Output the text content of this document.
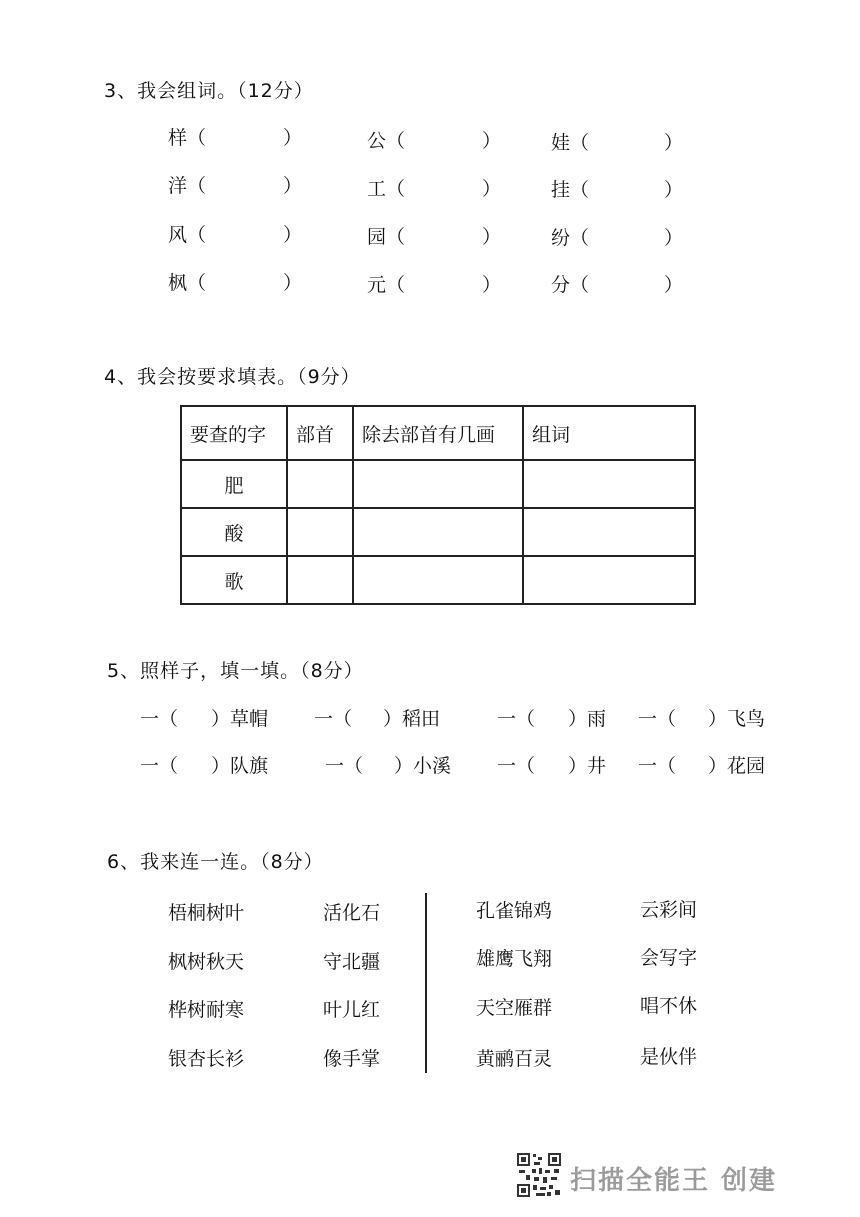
3、我会组词。（12分）
样（	）	公（	）	娃（	）
洋（	）	工（	）	挂（	）
风（	）	园（	）	纷（	）
枫（	）	元（	）	分（	）
4、我会按要求填表。（9分）
要查的字	部首	除去部首有几画	组词
肥			
酸			
歌			
5、照样子，填一填。（8分）
一（ ）草帽 一（ ）稻田	一（ ）雨 一（ ）飞鸟
一（ ）队旗	一（ ）小溪 一（ ）井 一（ ）花园
6、我来连一连。（8分）
梧桐树叶
枫树秋天
桦树耐寒
银杏长衫
活化石
守北疆
叶儿红
像手掌
孔雀锦鸡
雄鹰飞翔
天空雁群
黄鹂百灵
云彩间
会写字
唱不休
是伙伴
扫描全能王 创建
